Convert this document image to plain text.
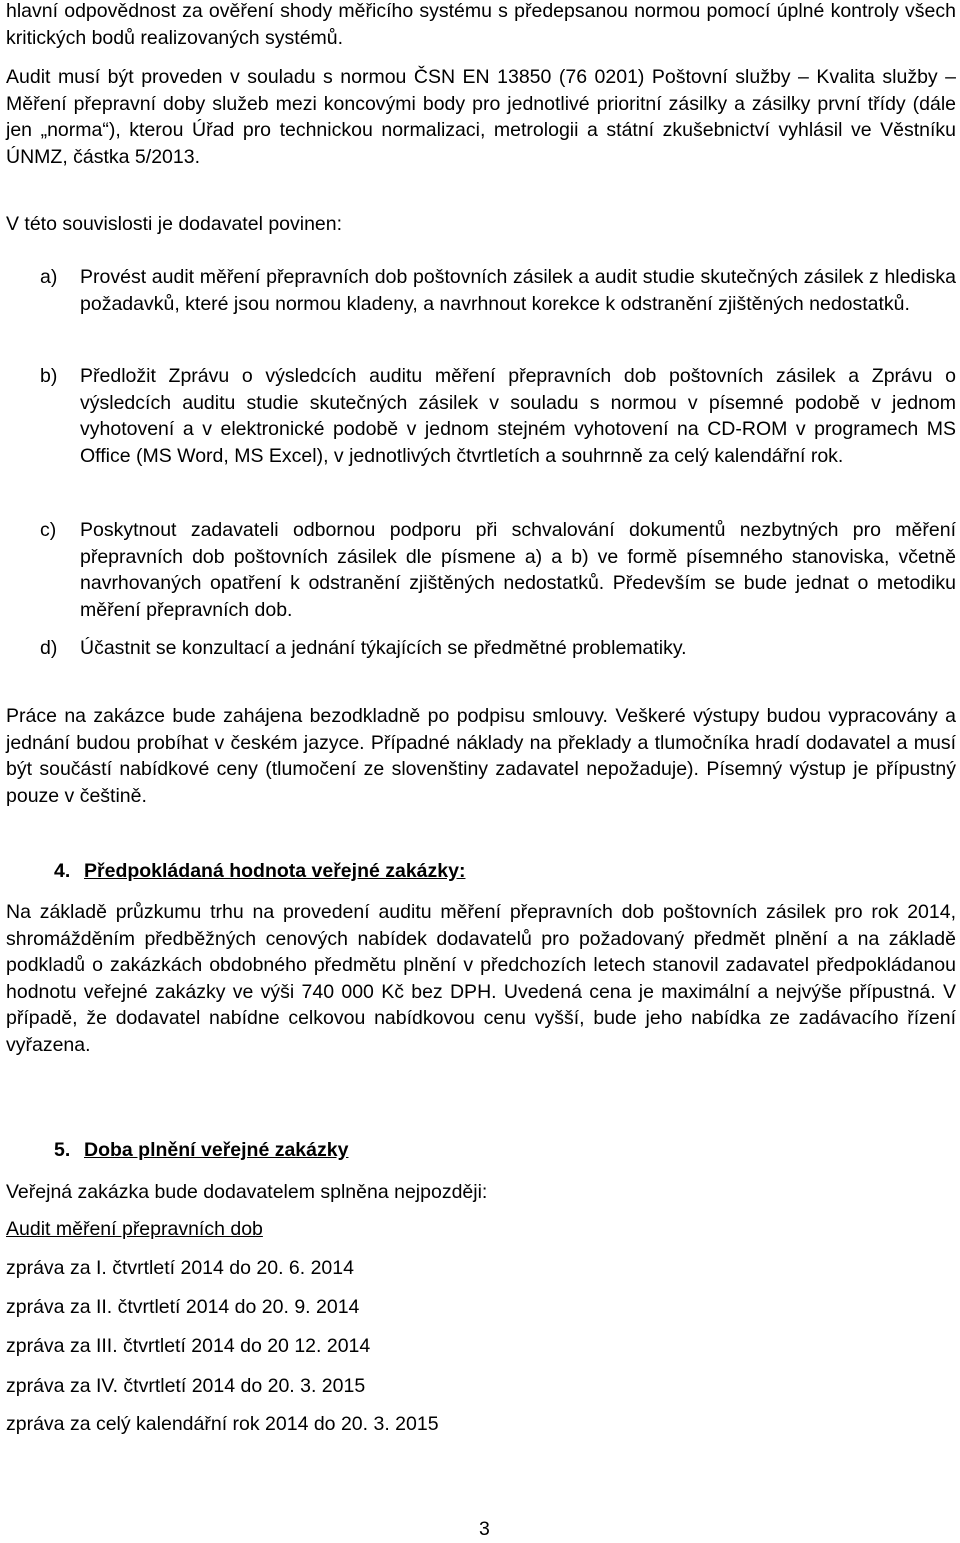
hlavní odpovědnost za ověření shody měřicího systému s předepsanou normou pomocí úplné kontroly všech kritických bodů realizovaných systémů.

Audit musí být proveden v souladu s normou ČSN EN 13850 (76 0201) Poštovní služby – Kvalita služby – Měření přepravní doby služeb mezi koncovými body pro jednotlivé prioritní zásilky a zásilky první třídy (dále jen „norma“), kterou Úřad pro technickou normalizaci, metrologii a státní zkušebnictví vyhlásil ve Věstníku ÚNMZ, částka 5/2013.

V této souvislosti je dodavatel povinen:

a) Provést audit měření přepravních dob poštovních zásilek a audit studie skutečných zásilek z hlediska požadavků, které jsou normou kladeny, a navrhnout korekce k odstranění zjištěných nedostatků.

b) Předložit Zprávu o výsledcích auditu měření přepravních dob poštovních zásilek a Zprávu o výsledcích auditu studie skutečných zásilek v souladu s normou v písemné podobě v jednom vyhotovení a v elektronické podobě v jednom stejném vyhotovení na CD-ROM v programech MS Office (MS Word, MS Excel), v jednotlivých čtvrtletích a souhrnně za celý kalendářní rok.

c) Poskytnout zadavateli odbornou podporu při schvalování dokumentů nezbytných pro měření přepravních dob poštovních zásilek dle písmene a) a b) ve formě písemného stanoviska, včetně navrhovaných opatření k odstranění zjištěných nedostatků. Především se bude jednat o metodiku měření přepravních dob.

d) Účastnit se konzultací a jednání týkajících se předmětné problematiky.

Práce na zakázce bude zahájena bezodkladně po podpisu smlouvy. Veškeré výstupy budou vypracovány a jednání budou probíhat v českém jazyce. Případné náklady na překlady a tlumočníka hradí dodavatel a musí být součástí nabídkové ceny (tlumočení ze slovenštiny zadavatel nepožaduje). Písemný výstup je přípustný pouze v češtině.

4. Předpokládaná hodnota veřejné zakázky:

Na základě průzkumu trhu na provedení auditu měření přepravních dob poštovních zásilek pro rok 2014, shromážděním předběžných cenových nabídek dodavatelů pro požadovaný předmět plnění a na základě podkladů o zakázkách obdobného předmětu plnění v předchozích letech stanovil zadavatel předpokládanou hodnotu veřejné zakázky ve výši 740 000 Kč bez DPH. Uvedená cena je maximální a nejvýše přípustná. V případě, že dodavatel nabídne celkovou nabídkovou cenu vyšší, bude jeho nabídka ze zadávacího řízení vyřazena.

5. Doba plnění veřejné zakázky

Veřejná zakázka bude dodavatelem splněna nejpozději:

Audit měření přepravních dob

zpráva za I. čtvrtletí 2014 do 20. 6. 2014

zpráva za II. čtvrtletí 2014 do 20. 9. 2014

zpráva za III. čtvrtletí 2014 do 20 12. 2014

zpráva za IV. čtvrtletí 2014 do 20. 3. 2015

zpráva za celý kalendářní rok 2014 do 20. 3. 2015

3
